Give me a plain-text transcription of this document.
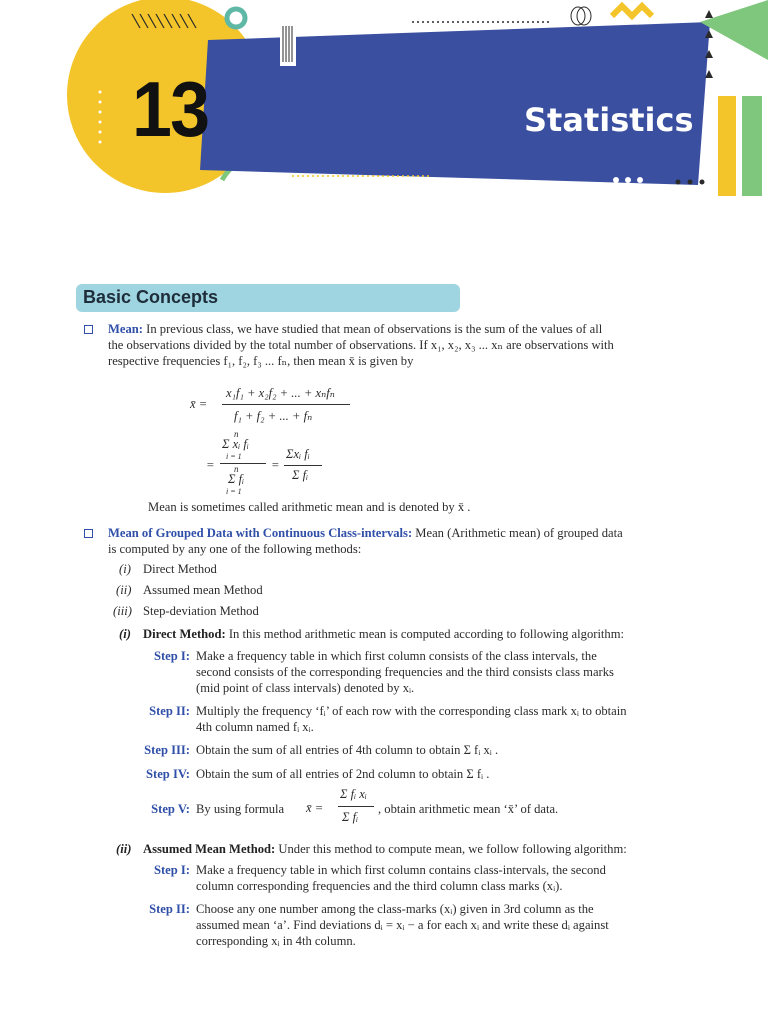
13	Statistics
Basic Concepts
Mean: In previous class, we have studied that mean of observations is the sum of the values of all
the observations divided by the total number of observations. If x₁, x₂, x₃ ... xₙ are observations with
respective frequencies f₁, f₂, f₃ ... fₙ, then mean x̄ is given by
x̄ =
x₁f₁ + x₂f₂ + ... + xₙfₙ
f₁ + f₂ + ... + fₙ
=
n
Σ xᵢ fᵢ
i = 1
n
Σ fᵢ
i = 1
=
Σxᵢ fᵢ
Σ fᵢ
Mean is sometimes called arithmetic mean and is denoted by x̄ .
Mean of Grouped Data with Continuous Class-intervals: Mean (Arithmetic mean) of grouped data
is computed by any one of the following methods:
(i) Direct Method
(ii) Assumed mean Method
(iii) Step-deviation Method
(i) Direct Method: In this method arithmetic mean is computed according to following algorithm:
Step I: Make a frequency table in which first column consists of the class intervals, the
second consists of the corresponding frequencies and the third consists class marks
(mid point of class intervals) denoted by xᵢ.
Step II: Multiply the frequency ‘fᵢ’ of each row with the corresponding class mark xᵢ to obtain
4th column named fᵢ xᵢ.
Step III: Obtain the sum of all entries of 4th column to obtain Σ fᵢ xᵢ .
Step IV: Obtain the sum of all entries of 2nd column to obtain Σ fᵢ .
Step V: By using formula x̄ =
Σ fᵢ xᵢ
Σ fᵢ
, obtain arithmetic mean ‘x̄’ of data.
(ii) Assumed Mean Method: Under this method to compute mean, we follow following algorithm:
Step I: Make a frequency table in which first column contains class-intervals, the second
column corresponding frequencies and the third column class marks (xᵢ).
Step II: Choose any one number among the class-marks (xᵢ) given in 3rd column as the
assumed mean ‘a’. Find deviations dᵢ = xᵢ − a for each xᵢ and write these dᵢ against
corresponding xᵢ in 4th column.
